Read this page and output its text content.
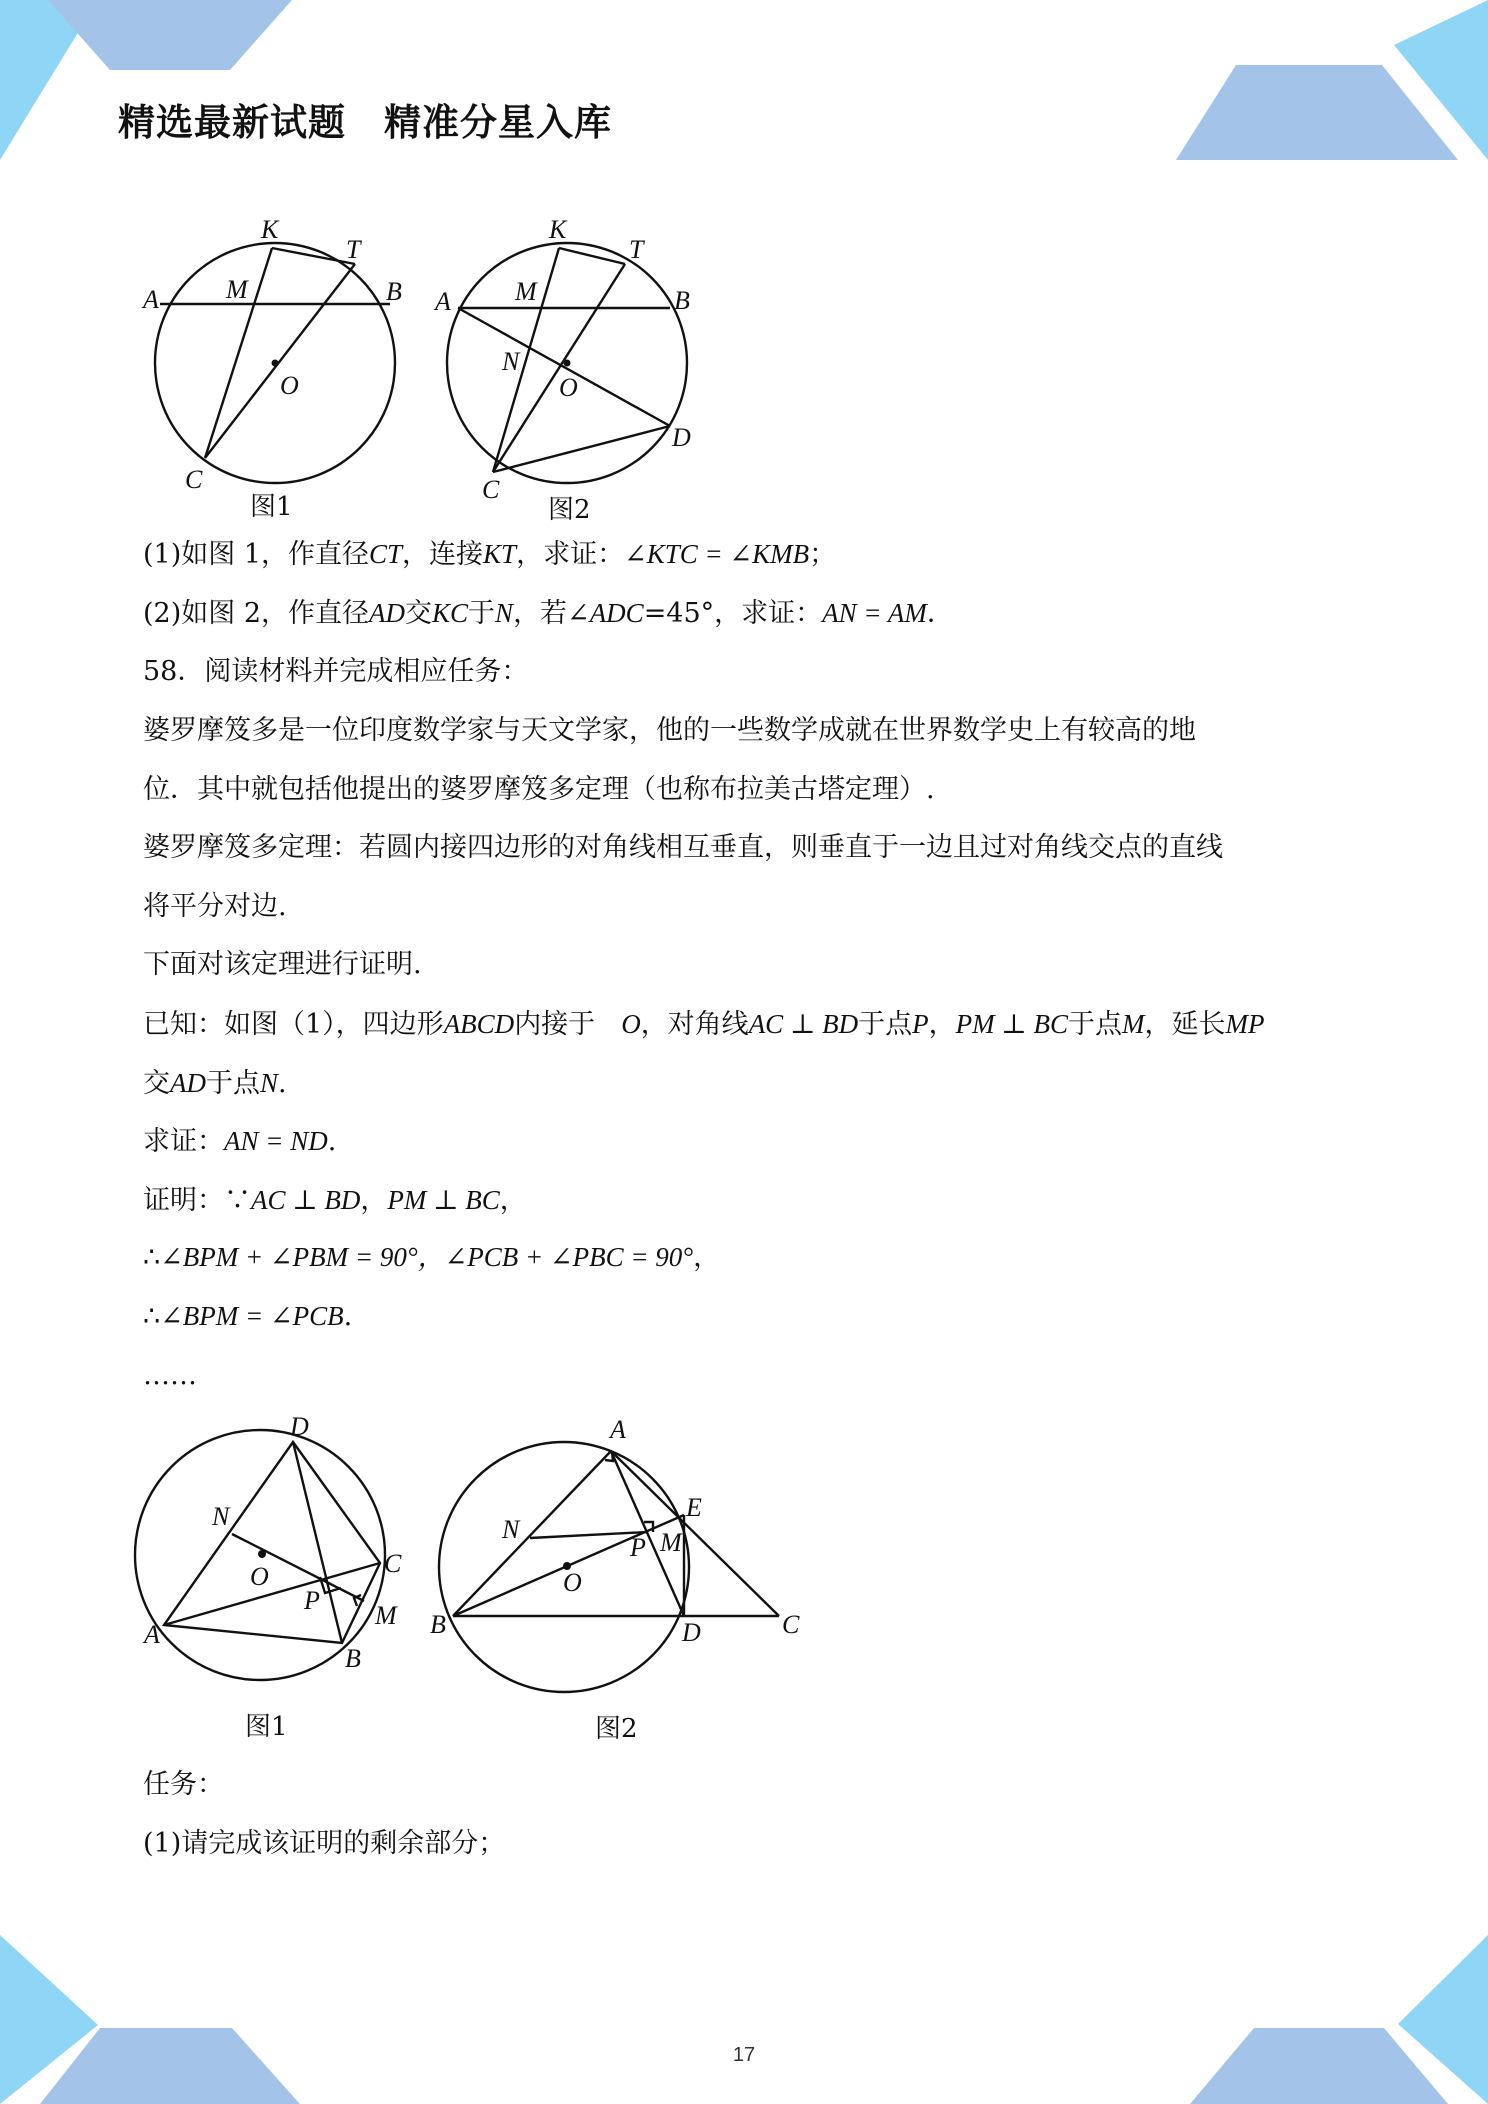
精选最新试题　精准分星入库
K
T
A	M	B
O
C
图1
K
T
A M	B
N
O
D
C
图2
(1)如图 1，作直径CT，连接KT，求证：∠KTC = ∠KMB；
(2)如图 2，作直径AD交KC于N，若∠ADC=45°，求证：AN = AM．
58．阅读材料并完成相应任务：
婆罗摩笈多是一位印度数学家与天文学家，他的一些数学成就在世界数学史上有较高的地
位．其中就包括他提出的婆罗摩笈多定理（也称布拉美古塔定理）.
婆罗摩笈多定理：若圆内接四边形的对角线相互垂直，则垂直于一边且过对角线交点的直线
将平分对边.
下面对该定理进行证明.
已知：如图（1），四边形ABCD内接于 O，对角线AC ⊥ BD于点P，PM ⊥ BC于点M，延长MP
交AD于点N.
求证：AN = ND.
证明：∵AC ⊥ BD，PM ⊥ BC，
∴∠BPM + ∠PBM = 90°，∠PCB + ∠PBC = 90°，
∴∠BPM = ∠PCB.
……
D
N
O	C
P
M
A
B
图1
A
E
N
P M
O
B	D	C
图2
任务：
(1)请完成该证明的剩余部分；
17
